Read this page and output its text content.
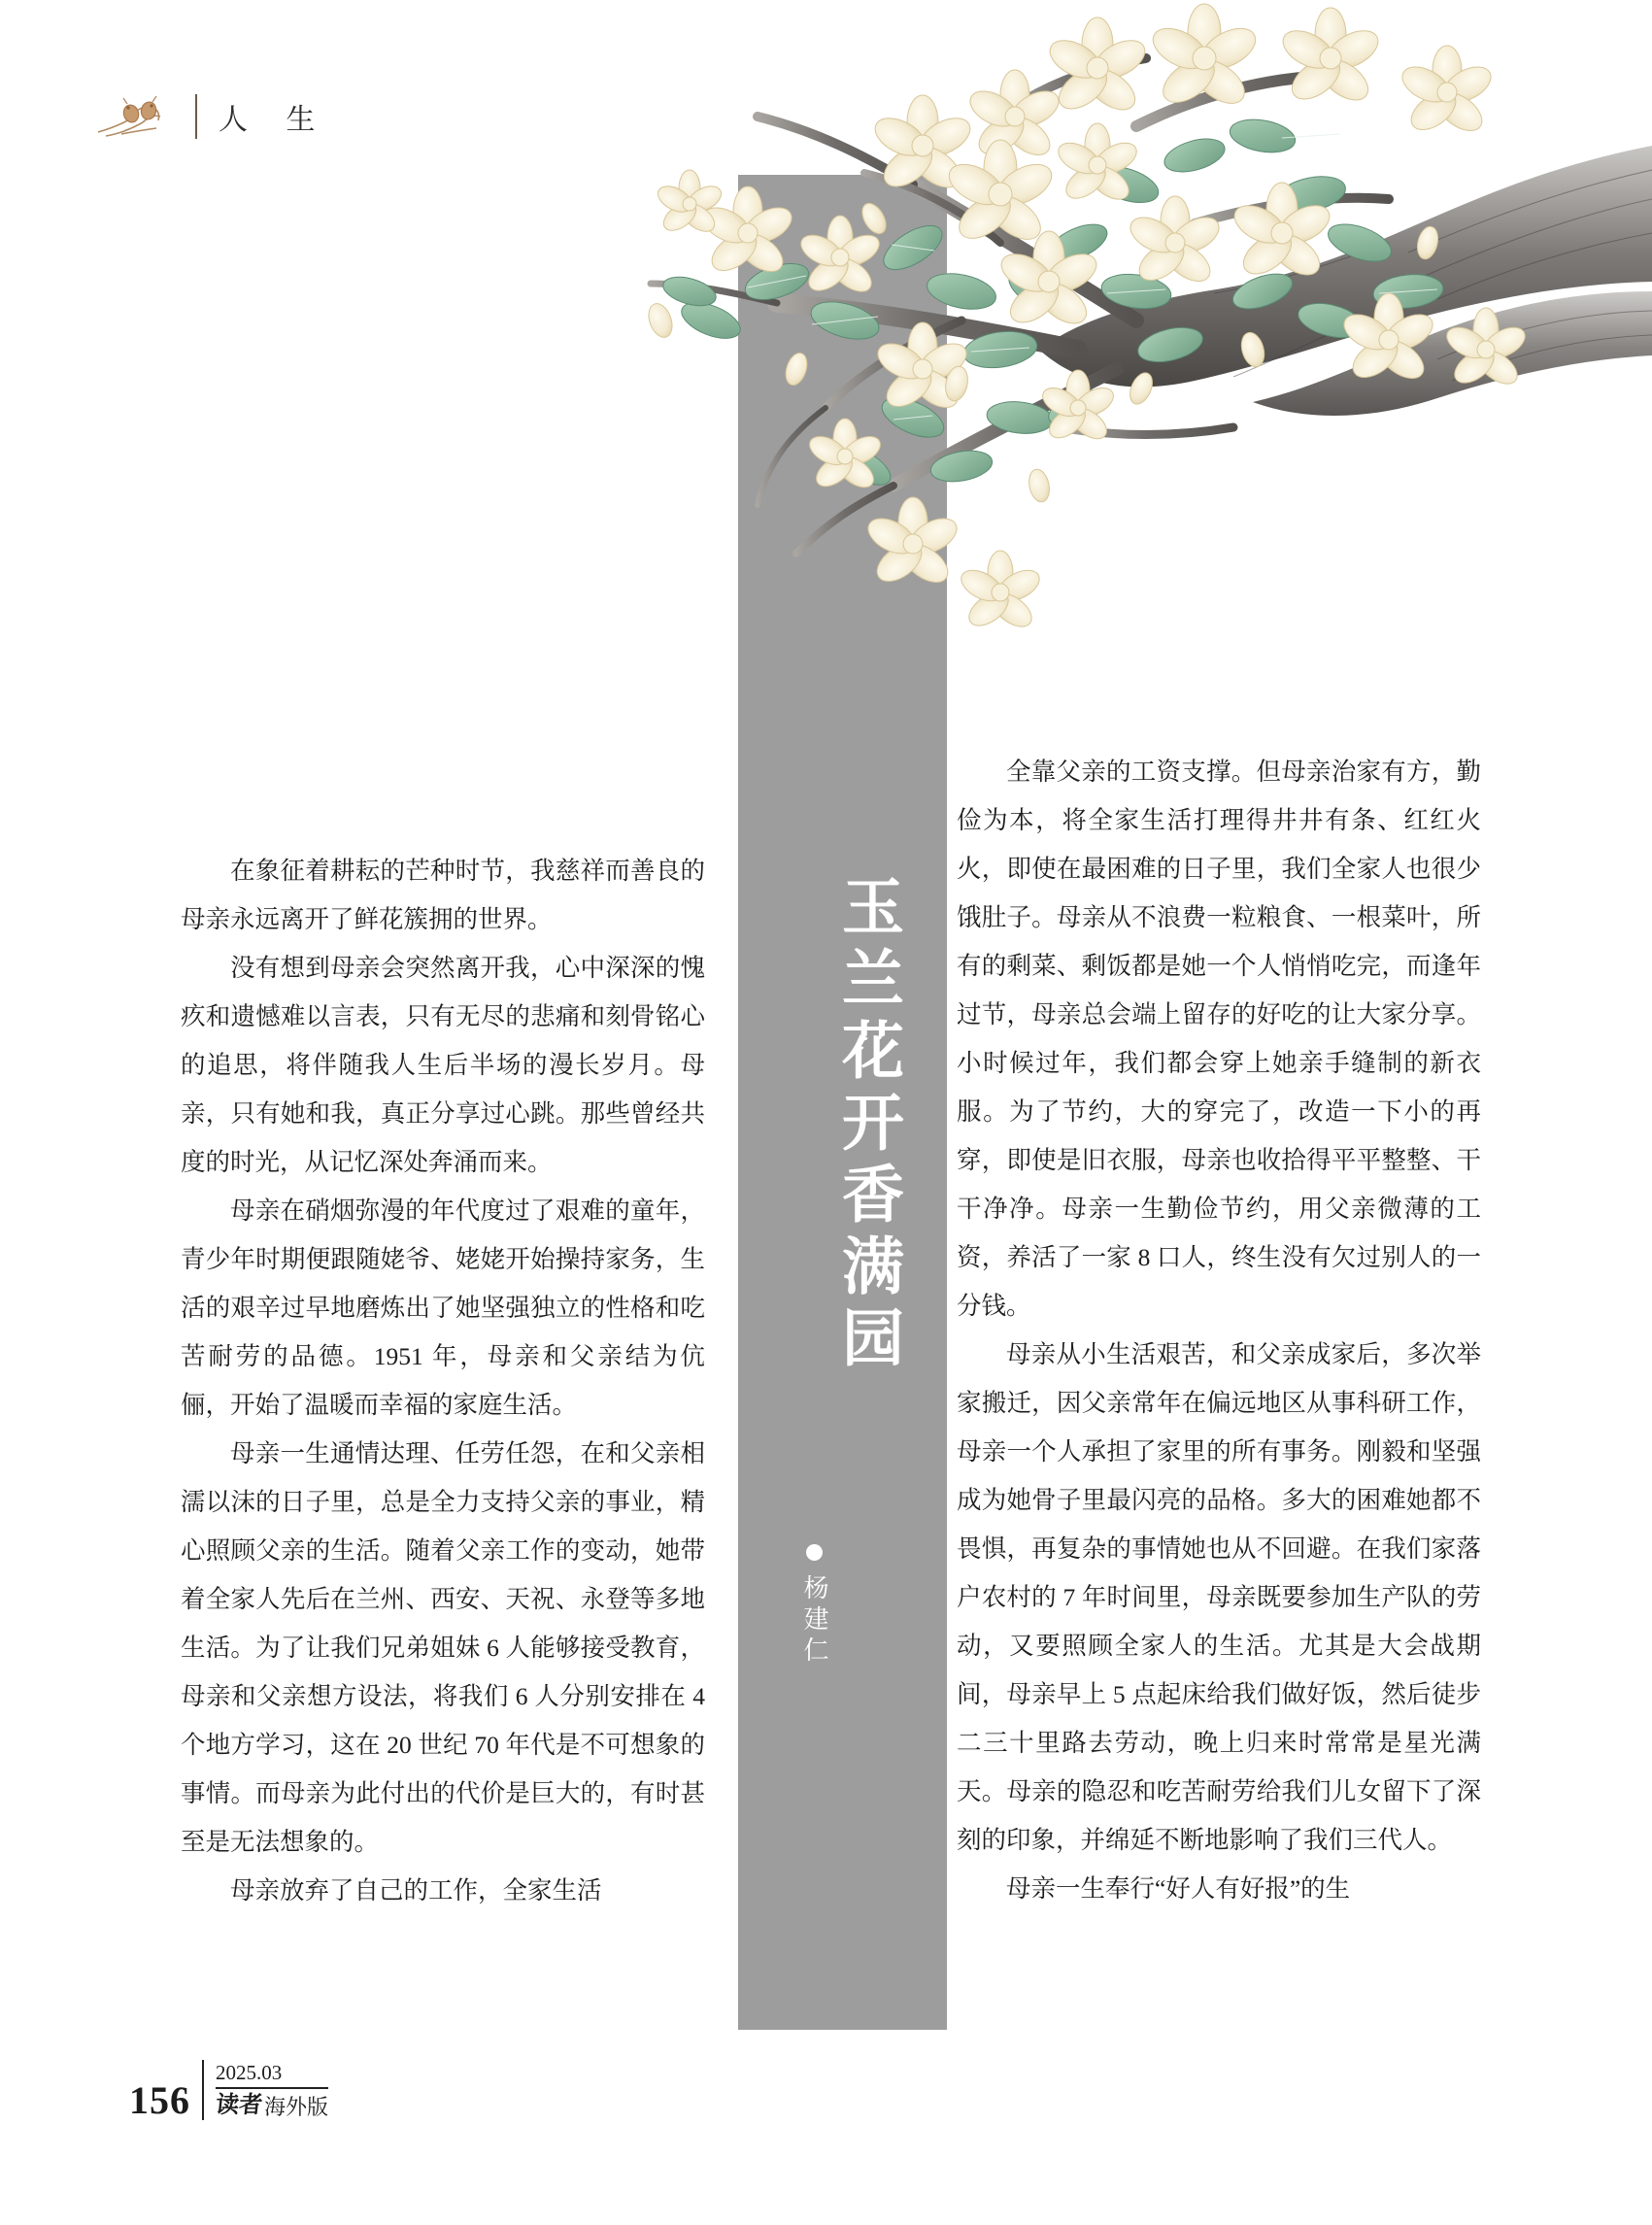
人 生
玉兰花开香满园
杨建仁

在象征着耕耘的芒种时节，我慈祥而善良的母亲永远离开了鲜花簇拥的世界。

没有想到母亲会突然离开我，心中深深的愧疚和遗憾难以言表，只有无尽的悲痛和刻骨铭心的追思，将伴随我人生后半场的漫长岁月。母亲，只有她和我，真正分享过心跳。那些曾经共度的时光，从记忆深处奔涌而来。

母亲在硝烟弥漫的年代度过了艰难的童年，青少年时期便跟随姥爷、姥姥开始操持家务，生活的艰辛过早地磨炼出了她坚强独立的性格和吃苦耐劳的品德。1951 年，母亲和父亲结为伉俪，开始了温暖而幸福的家庭生活。

母亲一生通情达理、任劳任怨，在和父亲相濡以沫的日子里，总是全力支持父亲的事业，精心照顾父亲的生活。随着父亲工作的变动，她带着全家人先后在兰州、西安、天祝、永登等多地生活。为了让我们兄弟姐妹 6 人能够接受教育，母亲和父亲想方设法，将我们 6 人分别安排在 4 个地方学习，这在 20 世纪 70 年代是不可想象的事情。而母亲为此付出的代价是巨大的，有时甚至是无法想象的。

母亲放弃了自己的工作，全家生活

全靠父亲的工资支撑。但母亲治家有方，勤俭为本，将全家生活打理得井井有条、红红火火，即使在最困难的日子里，我们全家人也很少饿肚子。母亲从不浪费一粒粮食、一根菜叶，所有的剩菜、剩饭都是她一个人悄悄吃完，而逢年过节，母亲总会端上留存的好吃的让大家分享。小时候过年，我们都会穿上她亲手缝制的新衣服。为了节约，大的穿完了，改造一下小的再穿，即使是旧衣服，母亲也收拾得平平整整、干干净净。母亲一生勤俭节约，用父亲微薄的工资，养活了一家 8 口人，终生没有欠过别人的一分钱。

母亲从小生活艰苦，和父亲成家后，多次举家搬迁，因父亲常年在偏远地区从事科研工作，母亲一个人承担了家里的所有事务。刚毅和坚强成为她骨子里最闪亮的品格。多大的困难她都不畏惧，再复杂的事情她也从不回避。在我们家落户农村的 7 年时间里，母亲既要参加生产队的劳动，又要照顾全家人的生活。尤其是大会战期间，母亲早上 5 点起床给我们做好饭，然后徒步二三十里路去劳动，晚上归来时常常是星光满天。母亲的隐忍和吃苦耐劳给我们儿女留下了深刻的印象，并绵延不断地影响了我们三代人。

母亲一生奉行“好人有好报”的生

156
2025.03
读者 海外版
